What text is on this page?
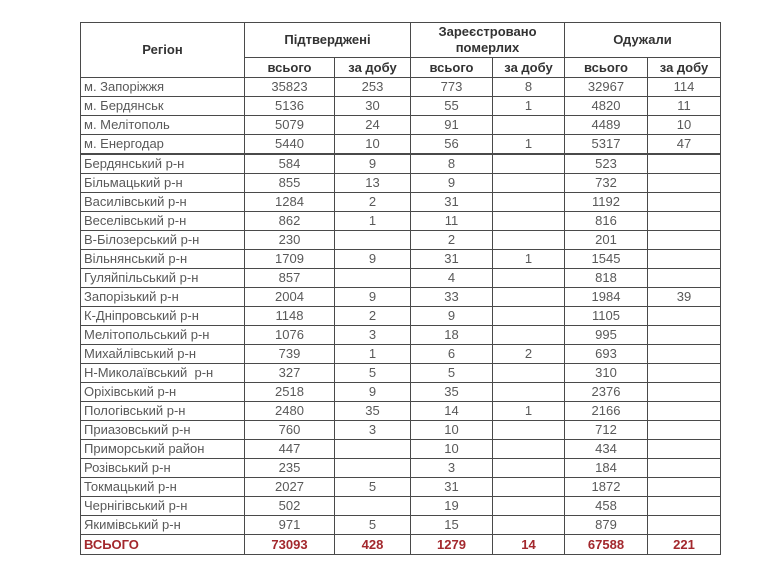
Регіон	Підтверджені		Зареєстровано померлих		Одужали	
	всього	за добу	всього	за добу	всього	за добу
м. Запоріжжя	35823	253	773	8	32967	114
м. Бердянськ	5136	30	55	1	4820	11
м. Мелітополь	5079	24	91		4489	10
м. Енергодар	5440	10	56	1	5317	47
Бердянський р-н	584	9	8		523	
Більмацький р-н	855	13	9		732	
Василівський р-н	1284	2	31		1192	
Веселівський р-н	862	1	11		816	
В-Білозерський р-н	230		2		201	
Вільнянський р-н	1709	9	31	1	1545	
Гуляйпільський р-н	857		4		818	
Запорізький р-н	2004	9	33		1984	39
К-Дніпровський р-н	1148	2	9		1105	
Мелітопольський р-н	1076	3	18		995	
Михайлівський р-н	739	1	6	2	693	
Н-Миколаївський  р-н	327	5	5		310	
Оріхівський р-н	2518	9	35		2376	
Пологівський р-н	2480	35	14	1	2166	
Приазовський р-н	760	3	10		712	
Приморський район	447		10		434	
Розівський р-н	235		3		184	
Токмацький р-н	2027	5	31		1872	
Чернігівський р-н	502		19		458	
Якимівський р-н	971	5	15		879	
ВСЬОГО	73093	428	1279	14	67588	221
